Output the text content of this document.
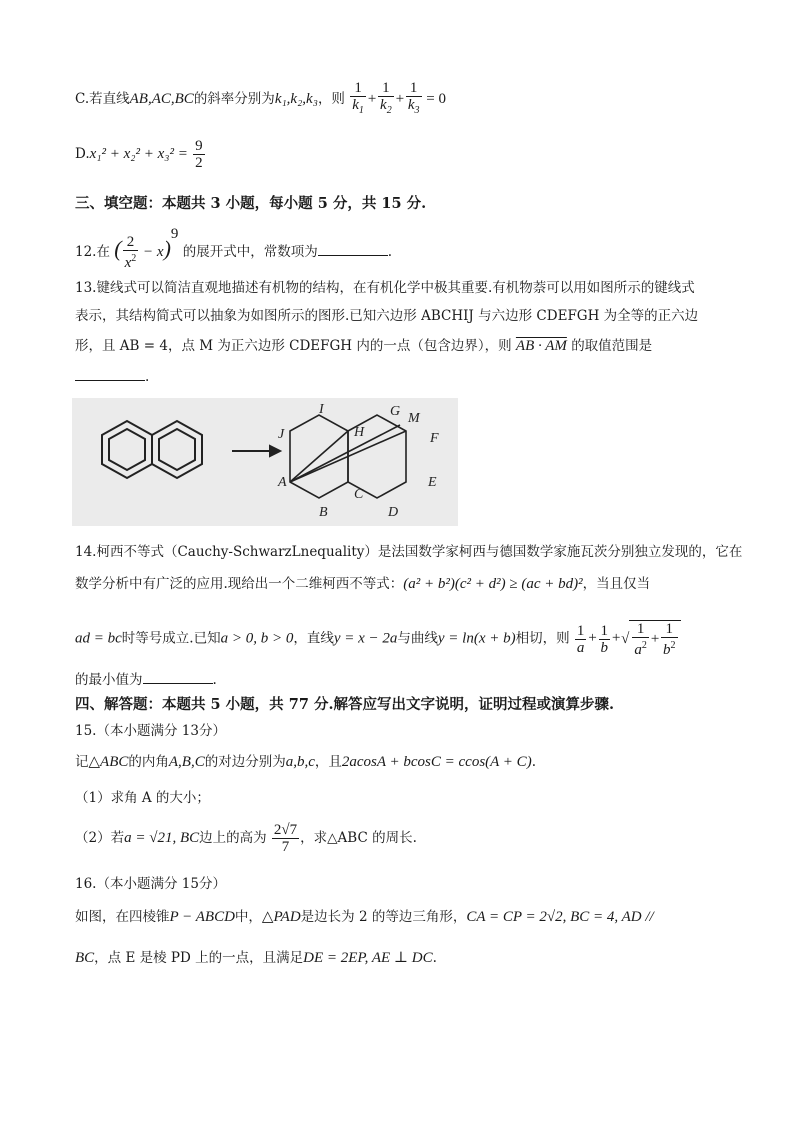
C.若直线AB,AC,BC的斜率分别为k₁,k₂,k₃，则 $\frac{1}{k_1} + \frac{1}{k_2} + \frac{1}{k_3} = 0$
$D.x_1^2 + x_2^2 + x_3^2 = \frac{9}{2}$
三、填空题：本题共 3 小题，每小题 5 分，共 15 分.
12.在 ( $\frac{2}{x^2} - x)^9$ 的展开式中，常数项为	.
13.键线式可以简洁直观地描述有机物的结构，在有机化学中极其重要.有机物萘可以用如图所示的键线式
表示，其结构简式可以抽象为如图所示的图形.已知六边形 ABCHIJ 与六边形 CDEFGH 为全等的正六边
形，且 AB = 4，点 M 为正六边形 CDEFGH 内的一点（包含边界），则 AB · AM 的取值范围是
.
I	G M
J	H	F
A
C
E
B	D
14.柯西不等式（Cauchy-SchwarzLnequality）是法国数学家柯西与德国数学家施瓦茨分别独立发现的，它在
数学分析中有广泛的应用.现给出一个二维柯西不等式：(a² + b²)(c² + d²) ≥ (ac + bd)²，当且仅当
ad = bc时等号成立.已知a > 0, b > 0，直线y = x − 2a与曲线y = ln(x + b)相切，则 $\frac{1}{a} + \frac{1}{b}$ +√ $\frac{1}{a^2} + \frac{1}{b^2}$
的最小值为	.
四、解答题：本题共 5 小题，共 77 分.解答应写出文字说明，证明过程或演算步骤.
15.（本小题满分 13分）
记△ABC的内角A,B,C的对边分别为a,b,c，且2acosA + bcosC = ccos(A + C).
（1）求角 A 的大小；
（2）若a = √21, BC边上的高为 $\frac{2√7}{7}$ ，求△ABC 的周长.
16.（本小题满分 15分）
如图，在四棱锥P − ABCD中，△PAD是边长为 2 的等边三角形，CA = CP = 2√2, BC = 4, AD //
BC，点 E 是棱 PD 上的一点，且满足DE = 2EP, AE ⊥ DC.
